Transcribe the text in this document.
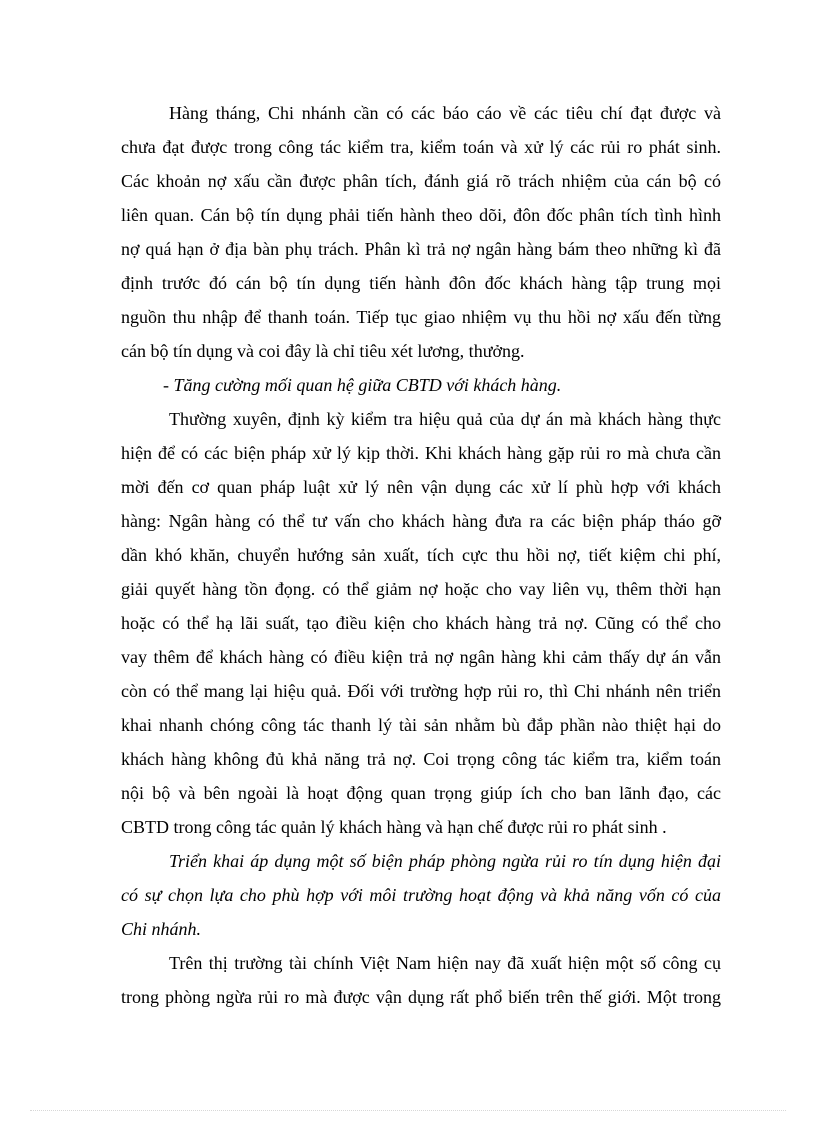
Hàng tháng, Chi nhánh cần có các báo cáo về các tiêu chí đạt được và
chưa đạt được trong công tác kiểm tra, kiểm toán và xử lý các rủi ro phát sinh.
Các khoản nợ xấu cần được phân tích, đánh giá rõ trách nhiệm của cán bộ có
liên quan. Cán bộ tín dụng phải tiến hành theo dõi, đôn đốc phân tích tình hình
nợ quá hạn ở địa bàn phụ trách. Phân kì trả nợ ngân hàng bám theo những kì đã
định trước đó cán bộ tín dụng tiến hành đôn đốc khách hàng tập trung mọi
nguồn thu nhập để thanh toán. Tiếp tục giao nhiệm vụ thu hồi nợ xấu đến từng
cán bộ tín dụng và coi đây là chỉ tiêu xét lương, thưởng.
- Tăng cường mối quan hệ giữa CBTD với khách hàng.
Thường xuyên, định kỳ kiểm tra hiệu quả của dự án mà khách hàng thực
hiện để có các biện pháp xử lý kịp thời. Khi khách hàng gặp rủi ro mà chưa cần
mời đến cơ quan pháp luật xử lý nên vận dụng các xử lí phù hợp với khách
hàng: Ngân hàng có thể tư vấn cho khách hàng đưa ra các biện pháp tháo gỡ
dần khó khăn, chuyển hướng sản xuất, tích cực thu hồi nợ, tiết kiệm chi phí,
giải quyết hàng tồn đọng. có thể giảm nợ hoặc cho vay liên vụ, thêm thời hạn
hoặc có thể hạ lãi suất, tạo điều kiện cho khách hàng trả nợ. Cũng có thể cho
vay thêm để khách hàng có điều kiện trả nợ ngân hàng khi cảm thấy dự án vẫn
còn có thể mang lại hiệu quả. Đối với trường hợp rủi ro, thì Chi nhánh nên triển
khai nhanh chóng công tác thanh lý tài sản nhằm bù đắp phần nào thiệt hại do
khách hàng không đủ khả năng trả nợ. Coi trọng công tác kiểm tra, kiểm toán
nội bộ và bên ngoài là hoạt động quan trọng giúp ích cho ban lãnh đạo, các
CBTD trong công tác quản lý khách hàng và hạn chế được rủi ro phát sinh .
Triển khai áp dụng một số biện pháp phòng ngừa rủi ro tín dụng hiện đại
có sự chọn lựa cho phù hợp với môi trường hoạt động và khả năng vốn có của
Chi nhánh.
Trên thị trường tài chính Việt Nam hiện nay đã xuất hiện một số công cụ
trong phòng ngừa rủi ro mà được vận dụng rất phổ biến trên thế giới. Một trong
